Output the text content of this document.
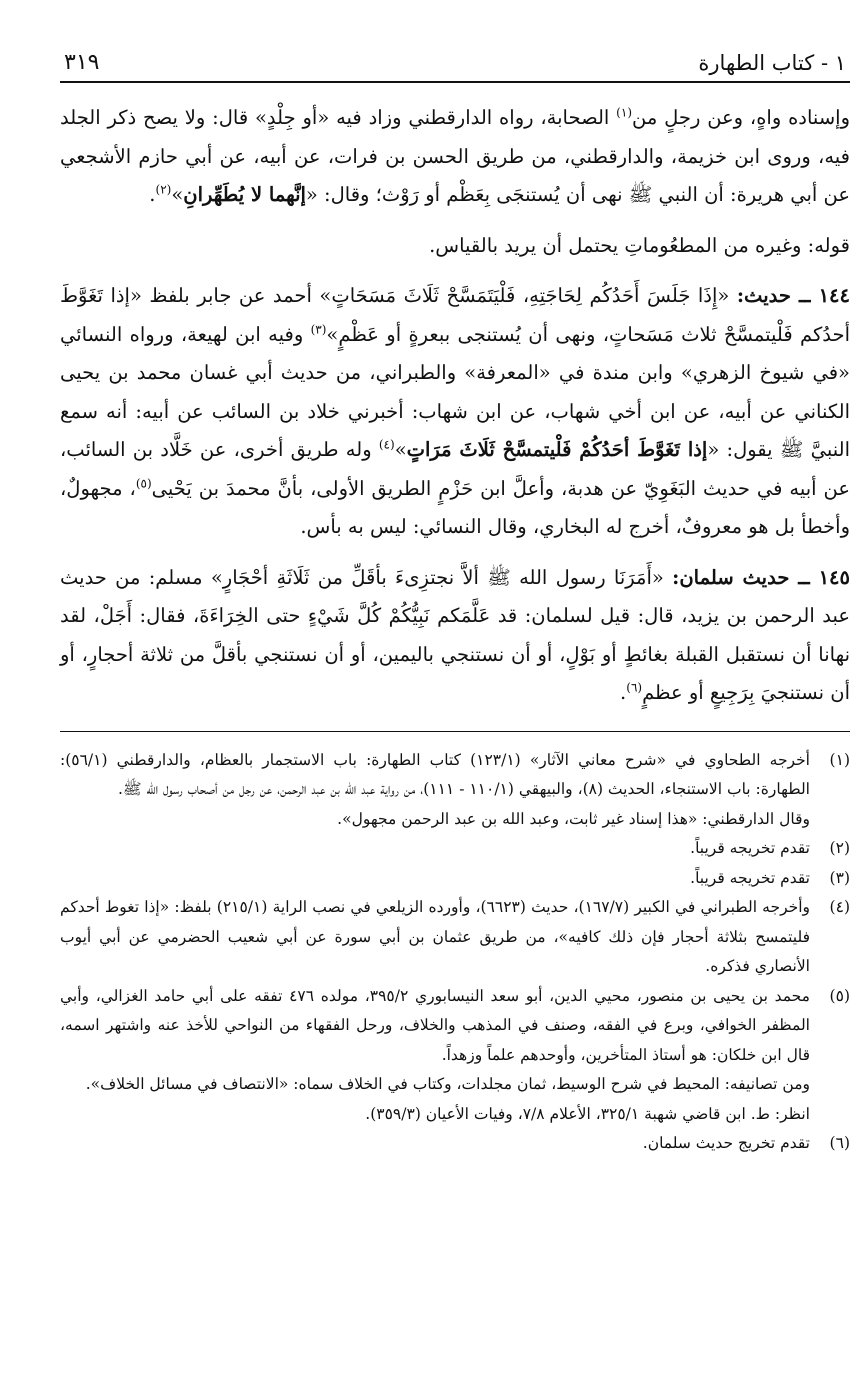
١ - كتاب الطهارة
٣١٩

وإسناده واهٍ، وعن رجلٍ من$^{(١)}$ الصحابة، رواه الدارقطني وزاد فيه «أو جِلْدٍ» قال: ولا يصح ذكر الجلد فيه، وروى ابن خزيمة، والدارقطني، من طريق الحسن بن فرات، عن أبيه، عن أبي حازم الأشجعي عن أبي هريرة: أن النبي ﷺ نهى أن يُستنجَى بِعَظْم أو رَوْث؛ وقال: «إنَّهما لا يُطَهِّرانِ»$^{(٢)}$.

قوله: وغيره من المطعُوماتِ يحتمل أن يريد بالقياس.

١٤٤ ــ حديث: «إِذَا جَلَسَ أَحَدُكُم لِحَاجَتِهِ، فَلْيَتَمَسَّحْ ثَلَاثَ مَسَحَاتٍ» أحمد عن جابر بلفظ «إذا تَغَوَّطَ أحدُكم فَلْيتمسَّحْ ثلاث مَسَحاتٍ، ونهى أن يُستنجى ببعرةٍ أو عَظْمٍ»$^{(٣)}$ وفيه ابن لهيعة، ورواه النسائي «في شيوخ الزهري» وابن مندة في «المعرفة» والطبراني، من حديث أبي غسان محمد بن يحيى الكناني عن أبيه، عن ابن أخي شهاب، عن ابن شهاب: أخبرني خلاد بن السائب عن أبيه: أنه سمع النبيَّ ﷺ يقول: «إذا تَغَوَّطَ أحَدُكُمْ فَلْيتمسَّحْ ثَلَاثَ مَرَاتٍ»$^{(٤)}$ وله طريق أخرى، عن خَلَّاد بن السائب، عن أبيه في حديث البَغَوِيّ عن هدبة، وأعلَّ ابن حَزْمٍ الطريق الأولى، بأنَّ محمدَ بن يَحْيى$^{(٥)}$، مجهولٌ، وأخطأ بل هو معروفٌ، أخرج له البخاري، وقال النسائي: ليس به بأس.

١٤٥ ــ حديث سلمان: «أَمَرَنَا رسول الله ﷺ ألاَّ نجتزِىءَ بأقَلِّ من ثَلَاثَةِ أحْجَارٍ» مسلم: من حديث عبد الرحمن بن يزيد، قال: قيل لسلمان: قد عَلَّمَكم نَبِيُّكُمْ كُلَّ شَيْءٍ حتى الخِرَاءَةَ، فقال: أَجَلْ، لقد نهانا أن نستقبل القبلة بغائطٍ أو بَوْلٍ، أو أن نستنجي باليمين، أو أن نستنجي بأقلَّ من ثلاثة أحجارٍ، أو أن نستنجيَ بِرَجِيعٍ أو عظمٍ$^{(٦)}$.

(١)

أخرجه الطحاوي في «شرح معاني الآثار» (١٢٣/١) كتاب الطهارة: باب الاستجمار بالعظام، والدارقطني (٥٦/١): الطهارة: باب الاستنجاء، الحديث (٨)، والبيهقي (١١٠/١ - ١١١)، من رواية عبد الله بن عبد الرحمن، عن رجل من أصحاب رسول الله ﷺ.

وقال الدارقطني: «هذا إسناد غير ثابت، وعبد الله بن عبد الرحمن مجهول».

(٢)

تقدم تخريجه قريباً.

(٣)

تقدم تخريجه قريباً.

(٤)

وأخرجه الطبراني في الكبير (١٦٧/٧)، حديث (٦٦٢٣)، وأورده الزيلعي في نصب الراية (٢١٥/١) بلفظ: «إذا تغوط أحدكم فليتمسح بثلاثة أحجار فإن ذلك كافيه»، من طريق عثمان بن أبي سورة عن أبي شعيب الحضرمي عن أبي أيوب الأنصاري فذكره.

(٥)

محمد بن يحيى بن منصور، محيي الدين، أبو سعد النيسابوري ٣٩٥/٢، مولده ٤٧٦ تفقه على أبي حامد الغزالي، وأبي المظفر الخوافي، وبرع في الفقه، وصنف في المذهب والخلاف، ورحل الفقهاء من النواحي للأخذ عنه واشتهر اسمه، قال ابن خلكان: هو أستاذ المتأخرين، وأوحدهم علماً وزهداً.

ومن تصانيفه: المحيط في شرح الوسيط، ثمان مجلدات، وكتاب في الخلاف سماه: «الانتصاف في مسائل الخلاف».

انظر: ط. ابن قاضي شهبة ٣٢٥/١، الأعلام ٧/٨، وفيات الأعيان (٣٥٩/٣).

(٦)

تقدم تخريج حديث سلمان.
